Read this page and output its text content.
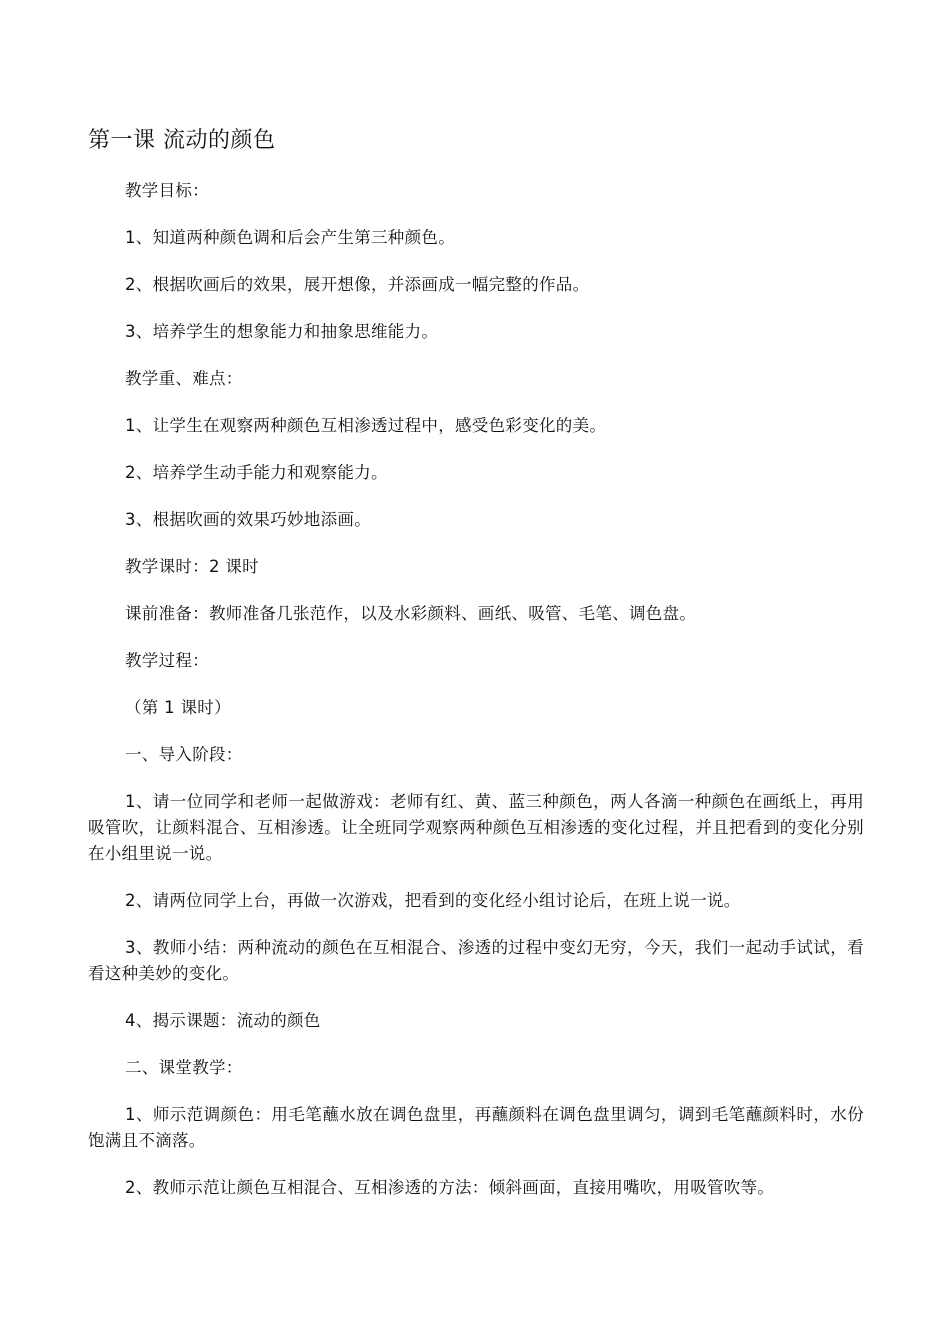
第一课 流动的颜色

教学目标：

1、知道两种颜色调和后会产生第三种颜色。

2、根据吹画后的效果，展开想像，并添画成一幅完整的作品。

3、培养学生的想象能力和抽象思维能力。

教学重、难点：

1、让学生在观察两种颜色互相渗透过程中，感受色彩变化的美。

2、培养学生动手能力和观察能力。

3、根据吹画的效果巧妙地添画。

教学课时：2 课时

课前准备：教师准备几张范作，以及水彩颜料、画纸、吸管、毛笔、调色盘。

教学过程：

（第 1 课时）

一、导入阶段：

1、请一位同学和老师一起做游戏：老师有红、黄、蓝三种颜色，两人各滴一种颜色在画纸上，再用吸管吹，让颜料混合、互相渗透。让全班同学观察两种颜色互相渗透的变化过程，并且把看到的变化分别在小组里说一说。

2、请两位同学上台，再做一次游戏，把看到的变化经小组讨论后，在班上说一说。

3、教师小结：两种流动的颜色在互相混合、渗透的过程中变幻无穷，今天，我们一起动手试试，看看这种美妙的变化。

4、揭示课题：流动的颜色

二、课堂教学：

1、师示范调颜色：用毛笔蘸水放在调色盘里，再蘸颜料在调色盘里调匀，调到毛笔蘸颜料时，水份饱满且不滴落。

2、教师示范让颜色互相混合、互相渗透的方法：倾斜画面，直接用嘴吹，用吸管吹等。
